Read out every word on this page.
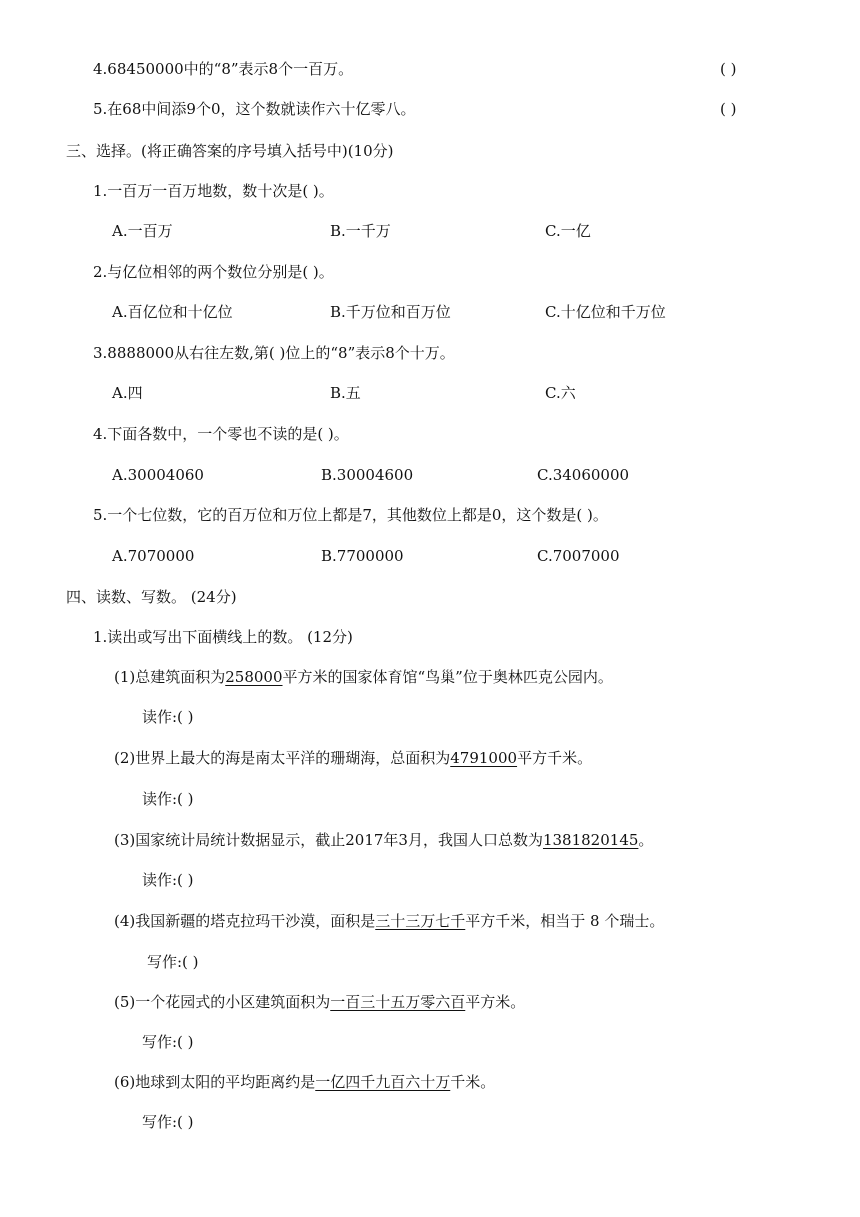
4.68450000中的“8”表示8个一百万。	( )
5.在68中间添9个0，这个数就读作六十亿零八。	( )
三、选择。(将正确答案的序号填入括号中)(10分)
1.一百万一百万地数，数十次是( )。
A.一百万	B.一千万	C.一亿
2.与亿位相邻的两个数位分别是( )。
A.百亿位和十亿位	B.千万位和百万位	C.十亿位和千万位
3.8888000从右往左数,第( )位上的“8”表示8个十万。
A.四	B.五	C.六
4.下面各数中，一个零也不读的是( )。
A.30004060	B.30004600	C.34060000
5.一个七位数，它的百万位和万位上都是7，其他数位上都是0，这个数是( )。
A.7070000	B.7700000	C.7007000
四、读数、写数。 (24分)
1.读出或写出下面横线上的数。 (12分)
(1)总建筑面积为258000平方米的国家体育馆“鸟巢”位于奥林匹克公园内。
读作:( )
(2)世界上最大的海是南太平洋的珊瑚海，总面积为4791000平方千米。
读作:( )
(3)国家统计局统计数据显示，截止2017年3月，我国人口总数为1381820145。
读作:( )
(4)我国新疆的塔克拉玛干沙漠，面积是三十三万七千平方千米，相当于 8 个瑞士。
写作:( )
(5)一个花园式的小区建筑面积为一百三十五万零六百平方米。
写作:( )
(6)地球到太阳的平均距离约是一亿四千九百六十万千米。
写作:( )
